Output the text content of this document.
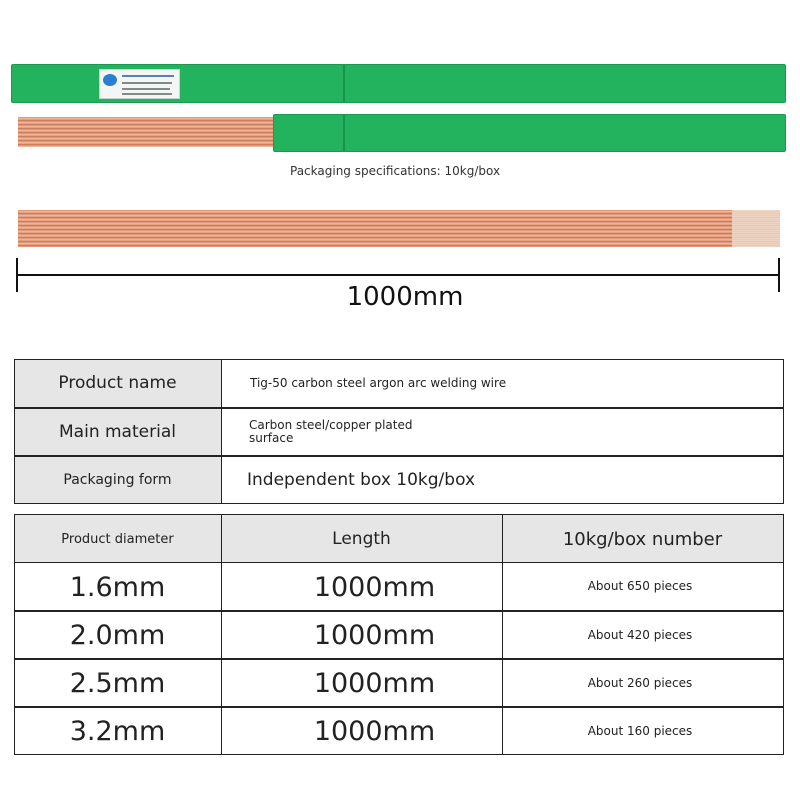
Packaging specifications: 10kg/box
1000mm
Product name	Tig-50 carbon steel argon arc welding wire
Main material	Carbon steel/copper plated
surface
Packaging form	Independent box 10kg/box
Product diameter	Length	10kg/box number
1.6mm	1000mm	About 650 pieces
2.0mm	1000mm	About 420 pieces
2.5mm	1000mm	About 260 pieces
3.2mm	1000mm	About 160 pieces
